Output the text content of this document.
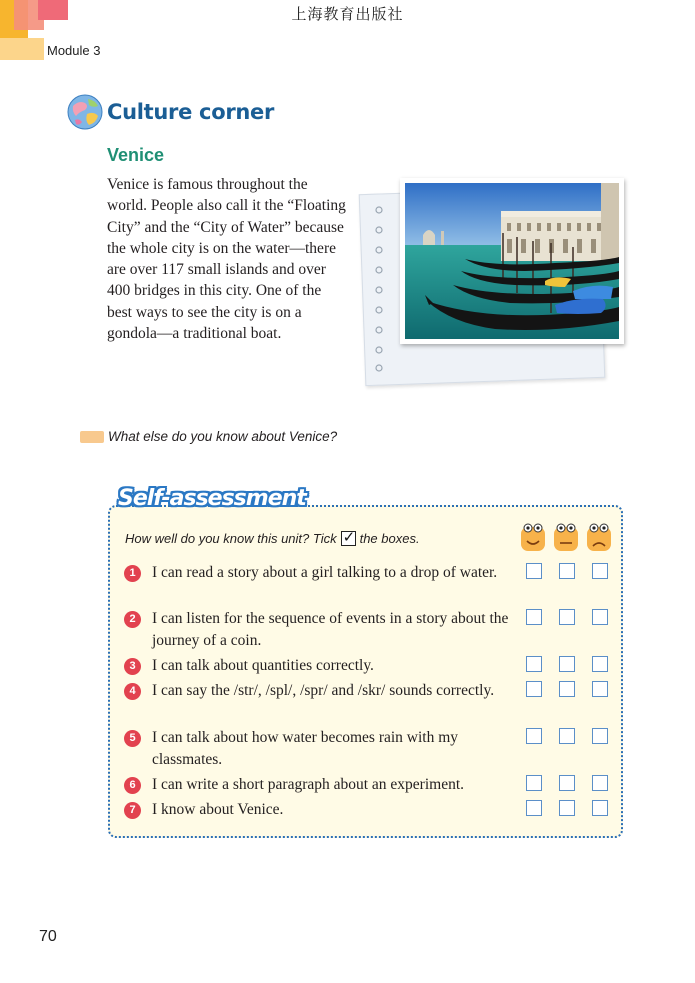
上海教育出版社
Module 3
Culture corner
Venice
Venice is famous throughout the world. People also call it the “Floating City” and the “City of Water” because the whole city is on the water—there are over 117 small islands and over 400 bridges in this city. One of the best ways to see the city is on a gondola—a traditional boat.
What else do you know about Venice?
Self-assessment
How well do you know this unit? Tick
✓ the boxes.
1	I can read a story about a girl talking to a drop of water.
2	I can listen for the sequence of events in a story about the journey of a coin.
3	I can talk about quantities correctly.
4	I can say the /str/, /spl/, /spr/ and /skr/ sounds correctly.
5	I can talk about how water becomes rain with my classmates.
6	I can write a short paragraph about an experiment.
7	I know about Venice.
70
